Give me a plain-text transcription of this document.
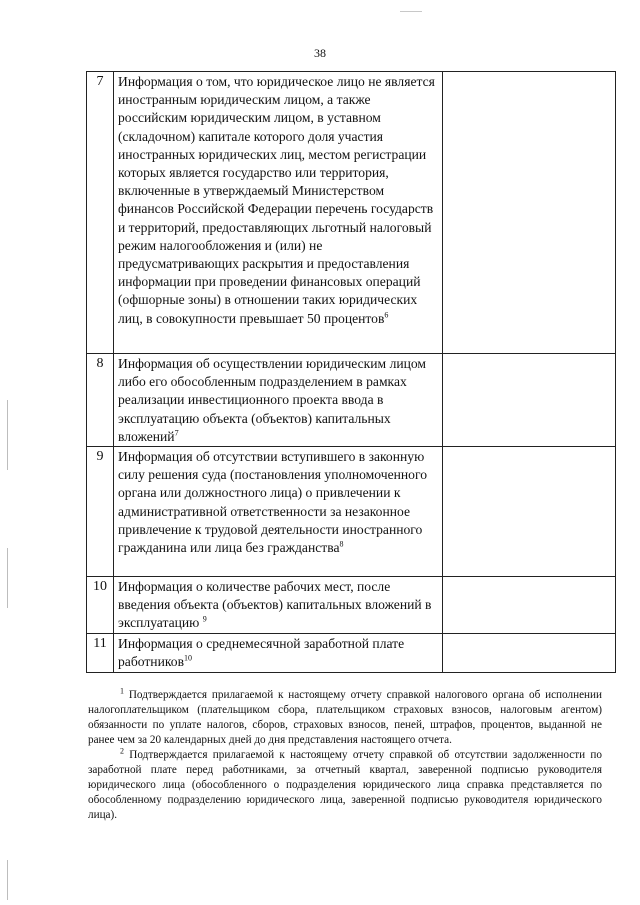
38
7	Информация о том, что юридическое лицо не является иностранным юридическим лицом, а также российским юридическим лицом, в уставном (складочном) капитале которого доля участия иностранных юридических лиц, местом регистрации которых является государство или территория, включенные в утверждаемый Министерством финансов Российской Федерации перечень государств и территорий, предоставляющих льготный налоговый режим налогообложения и (или) не предусматривающих раскрытия и предоставления информации при проведении финансовых операций (офшорные зоны) в отношении таких юридических лиц, в совокупности превышает 50 процентов$^6$	
8	Информация об осуществлении юридическим лицом либо его обособленным подразделением в рамках реализации инвестиционного проекта ввода в эксплуатацию объекта (объектов) капитальных вложений$^7$	
9	Информация об отсутствии вступившего в законную силу решения суда (постановления уполномоченного органа или должностного лица) о привлечении к административной ответственности за незаконное привлечение к трудовой деятельности иностранного гражданина или лица без гражданства$^8$	
10	Информация о количестве рабочих мест, после введения объекта (объектов) капитальных вложений в эксплуатацию $^9$	
11	Информация о среднемесячной заработной плате работников$^{10}$	

$^1$ Подтверждается прилагаемой к настоящему отчету справкой налогового органа об исполнении налогоплательщиком (плательщиком сбора, плательщиком страховых взносов, налоговым агентом) обязанности по уплате налогов, сборов, страховых взносов, пеней, штрафов, процентов, выданной не ранее чем за 20 календарных дней до дня представления настоящего отчета.

$^2$ Подтверждается прилагаемой к настоящему отчету справкой об отсутствии задолженности по заработной плате перед работниками, за отчетный квартал, заверенной подписью руководителя юридического лица (обособленного о подразделения юридического лица справка представляется по обособленному подразделению юридического лица, заверенной подписью руководителя юридического лица).
